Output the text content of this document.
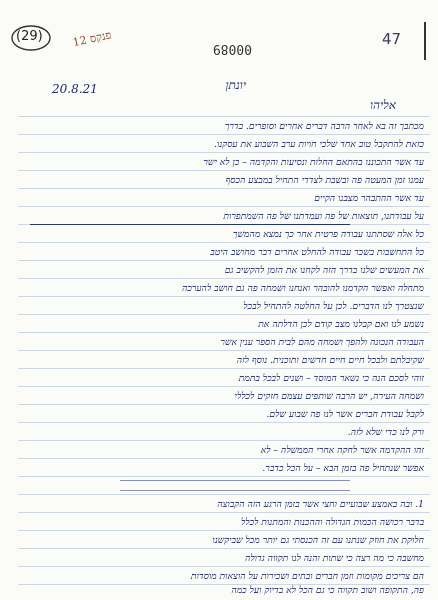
(29)	פנקס 12
00089
47
20.8.21	יונתן
אליהו
מכתבך זה בא לאחר הרבה דברים אחרים וסופרים. בדרך
כזאת להתקבל טוב אחד שלכי חויות ערב השבוע את עסקנו.
עד אשר התכוננו בהתאם החלות ונסיעות והקדמה – כן לא ישר
עמנו זמן המעטה פה ובשבת לצדדי התחיל במבצע הכסף
עד אשר ההתבהר מצבנו הקיים
על עבודתנו, תוצאות של פה ועמדתנו של פה השמתפרות
כל אלה שסתתנו עבודה פרטית אחר כך נמצא מהמשך
כל התחשבות בשכר עבודה להחלט אחרים דבר מחושב היטב
את המעשים שלנו בדרך הזה לקחנו את הזמן להקשיב גם
מתחלה ואפשר הקדמנו להובהר ואנחנו ושמחה פה גם חושב להערכה
שנצטרך לנו הדברים. לכן על החלטה להתחיל לבכל
נשמע לנו ואם קבלנו מצב קודם לכן הדלתה את
העבודה הנכונה ולהפך ושמחה מהם לבית הספר ענין אשר
שקיבלתם ולבכל חיים חיים חדשים ותוכנית. נוסף לזה
זוהי לסכם הנה כי נשאר המוסד – ושנים לבכל בתמת
ושמחה העירה, יש הרבה שותפים עצמם חזקים לכללי
לקבל עבודת חברים אשר לנו פה שבוע שלם.
ורק לנו כדי שלא לזה.
זהו ההקדמה אשר לחקה אחרי הממשלה – לא
אפשר שנתחיל פה בזמן הבא – על הכל כדבר.
1. ובה באמצע שבועיים וחצי אשר בזמן הרגע הזה הקבוצה
בדבר רכושה הכמות הגדולה וההכנות והמתנות לכלל
חלוקת את חוזק שנתנו עם זה הכנסתי גם יותר מכל שביקשנו
מחשבה כי מה רצה כי שתות והנה לנו תקווה גדולה
הם צריכים מקומות וזמן חברים ובתים ושכירות על הוצאות מוסדות
פה, התקופה ושוב תקווה כי גם הכל לא בדיוק ועל כמה
